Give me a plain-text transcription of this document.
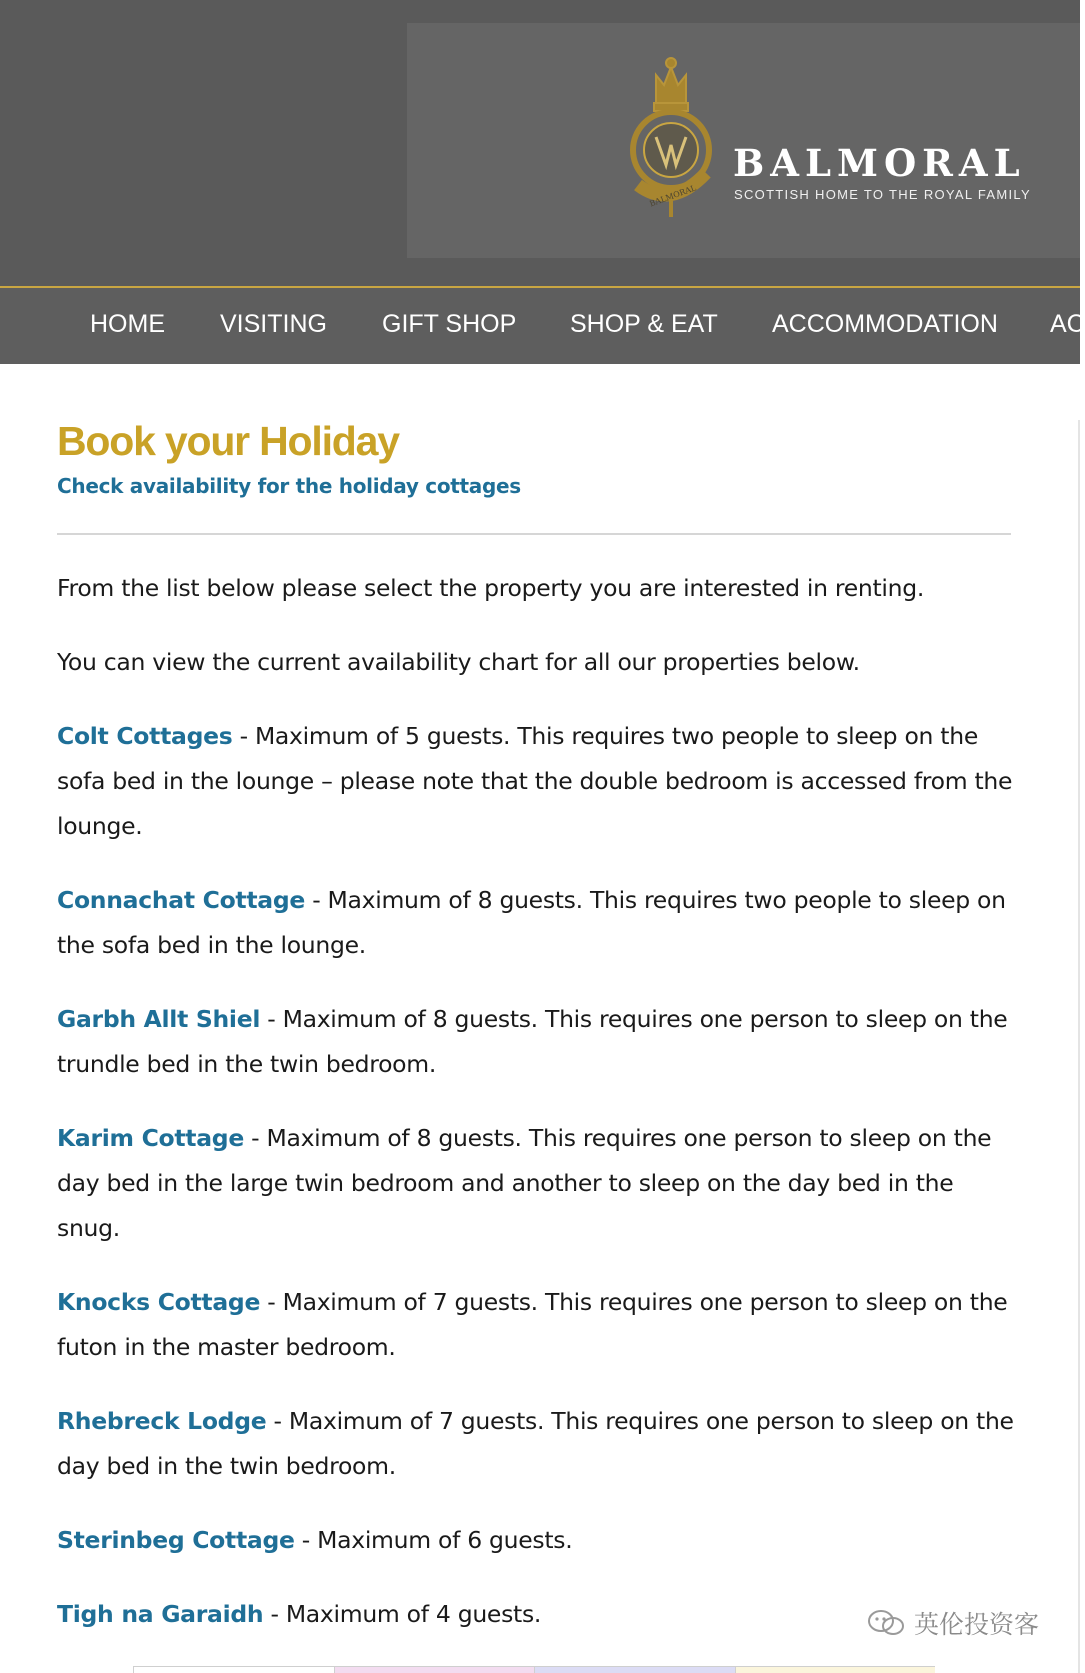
BALMORAL
BALMORAL
SCOTTISH HOME TO THE ROYAL FAMILY
HOME VISITING GIFT SHOP SHOP & EAT ACCOMMODATION AC
Book your Holiday
Check availability for the holiday cottages

From the list below please select the property you are interested in renting.

You can view the current availability chart for all our properties below.

Colt Cottages - Maximum of 5 guests. This requires two people to sleep on the sofa bed in the lounge – please note that the double bedroom is accessed from the lounge.

Connachat Cottage - Maximum of 8 guests. This requires two people to sleep on the sofa bed in the lounge.

Garbh Allt Shiel - Maximum of 8 guests. This requires one person to sleep on the trundle bed in the twin bedroom.

Karim Cottage - Maximum of 8 guests. This requires one person to sleep on the day bed in the large twin bedroom and another to sleep on the day bed in the snug.

Knocks Cottage - Maximum of 7 guests. This requires one person to sleep on the futon in the master bedroom.

Rhebreck Lodge - Maximum of 7 guests. This requires one person to sleep on the day bed in the twin bedroom.

Sterinbeg Cottage - Maximum of 6 guests.

Tigh na Garaidh - Maximum of 4 guests.	英伦投资客
